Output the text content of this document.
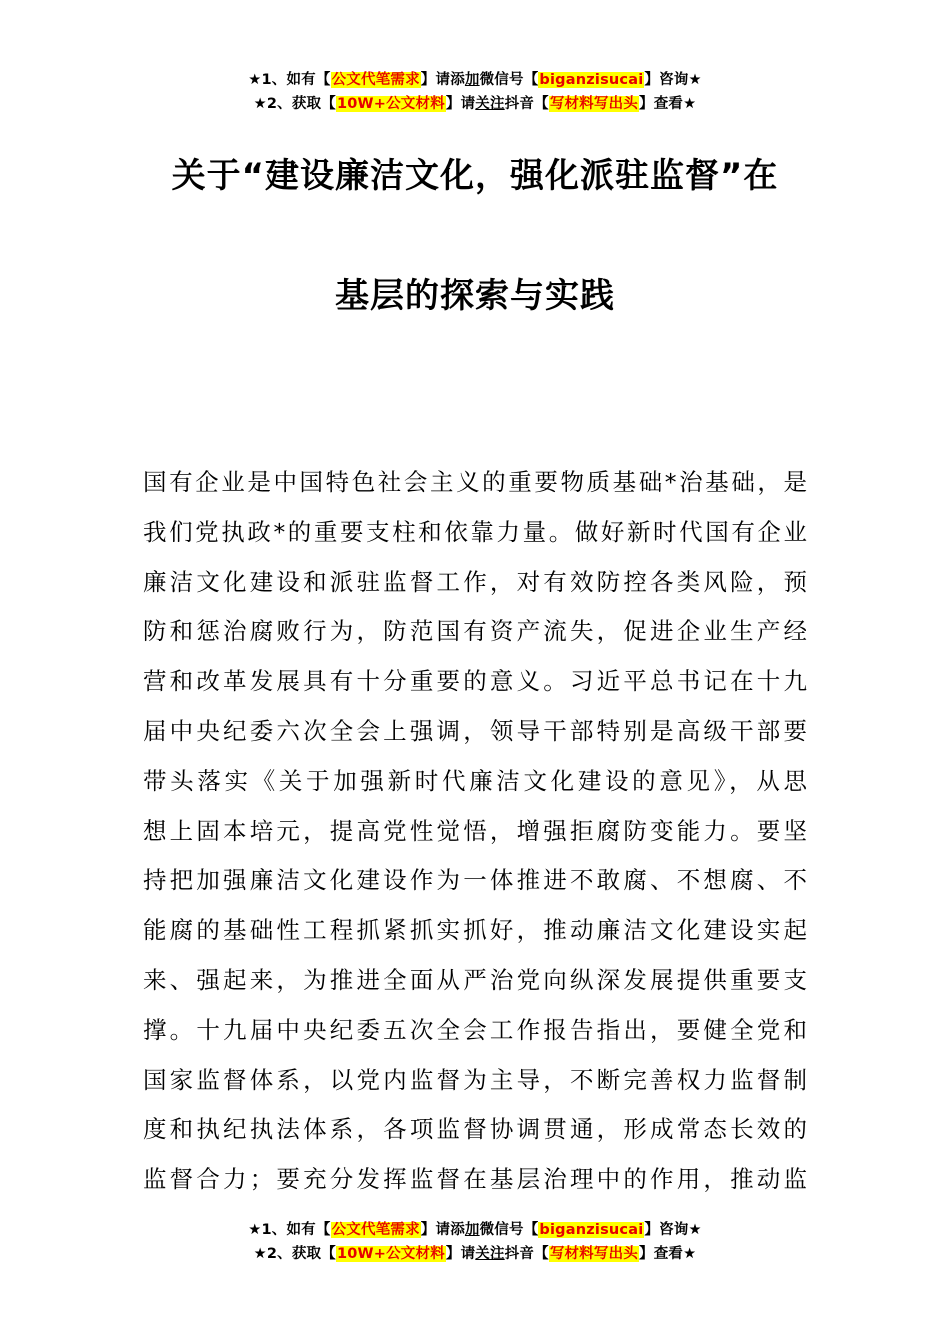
★1、如有【公文代笔需求】请添加微信号【biganzisucai】咨询★
★2、获取【10W+公文材料】请关注抖音【写材料写出头】查看★
关于“建设廉洁文化，强化派驻监督”在
基层的探索与实践
国有企业是中国特色社会主义的重要物质基础*治基础，是
我们党执政*的重要支柱和依靠力量。做好新时代国有企业
廉洁文化建设和派驻监督工作，对有效防控各类风险，预
防和惩治腐败行为，防范国有资产流失，促进企业生产经
营和改革发展具有十分重要的意义。习近平总书记在十九
届中央纪委六次全会上强调，领导干部特别是高级干部要
带头落实《关于加强新时代廉洁文化建设的意见》，从思
想上固本培元，提高党性觉悟，增强拒腐防变能力。要坚
持把加强廉洁文化建设作为一体推进不敢腐、不想腐、不
能腐的基础性工程抓紧抓实抓好，推动廉洁文化建设实起
来、强起来，为推进全面从严治党向纵深发展提供重要支
撑。十九届中央纪委五次全会工作报告指出，要健全党和
国家监督体系，以党内监督为主导，不断完善权力监督制
度和执纪执法体系，各项监督协调贯通，形成常态长效的
监督合力；要充分发挥监督在基层治理中的作用，推动监
★1、如有【公文代笔需求】请添加微信号【biganzisucai】咨询★
★2、获取【10W+公文材料】请关注抖音【写材料写出头】查看★
